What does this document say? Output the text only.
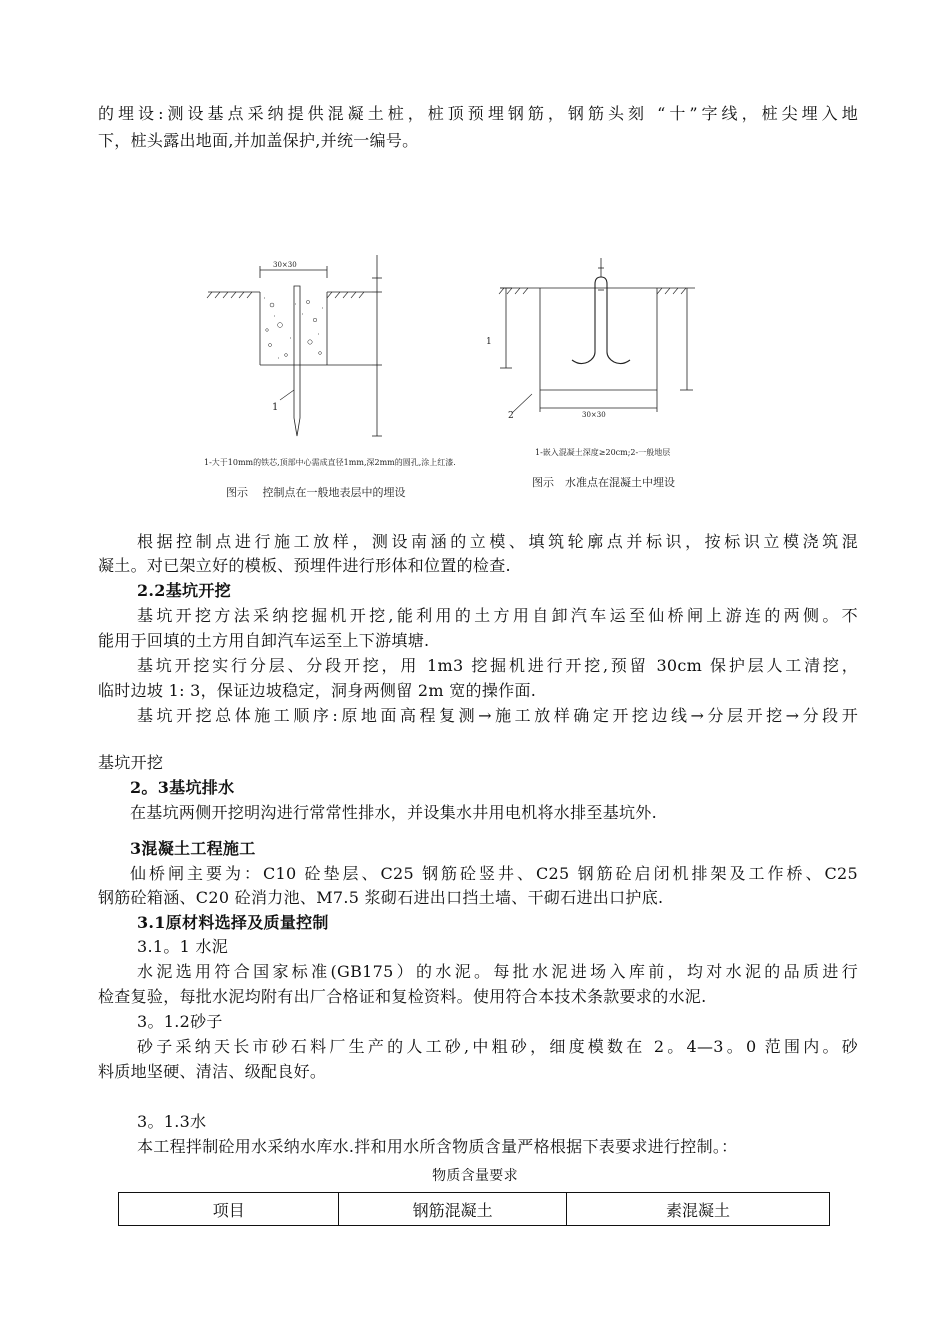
的埋设:测设基点采纳提供混凝土桩，桩顶预埋钢筋，钢筋头刻 “十”字线，桩尖埋入地
下，桩头露出地面,并加盖保护,并统一编号。
30×30
1
1-大于10mm的铁芯,顶部中心需成直径1mm,深2mm的圆孔,涂上红漆.
图示　 控制点在一般地表层中的埋设
1
2	30×30
1-嵌入混凝土深度≥20cm;2-一般地层
图示　水准点在混凝土中埋设
根据控制点进行施工放样，测设南涵的立模、填筑轮廓点并标识，按标识立模浇筑混
凝土。对已架立好的模板、预埋件进行形体和位置的检查.
2.2基坑开挖
基坑开挖方法采纳挖掘机开挖,能利用的土方用自卸汽车运至仙桥闸上游连的两侧。不
能用于回填的土方用自卸汽车运至上下游填塘.
基坑开挖实行分层、分段开挖，用 1m3 挖掘机进行开挖,预留 30cm 保护层人工清挖，
临时边坡 1: 3，保证边坡稳定，洞身两侧留 2m 宽的操作面.
基坑开挖总体施工顺序:原地面高程复测→施工放样确定开挖边线→分层开挖→分段开
基坑开挖
2。3基坑排水
在基坑两侧开挖明沟进行常常性排水，并设集水井用电机将水排至基坑外.
3混凝土工程施工
仙桥闸主要为：C10 砼垫层、C25 钢筋砼竖井、C25 钢筋砼启闭机排架及工作桥、C25
钢筋砼箱涵、C20 砼消力池、M7.5 浆砌石进出口挡土墙、干砌石进出口护底.
3.1原材料选择及质量控制
3.1。1 水泥
水泥选用符合国家标准(GB175）的水泥。每批水泥进场入库前，均对水泥的品质进行
检查复验，每批水泥均附有出厂合格证和复检资料。使用符合本技术条款要求的水泥.
3。1.2砂子
砂子采纳天长市砂石料厂生产的人工砂,中粗砂，细度模数在 2。4—3。0 范围内。砂
料质地坚硬、清洁、级配良好。
3。1.3水
本工程拌制砼用水采纳水库水.拌和用水所含物质含量严格根据下表要求进行控制。：
物质含量要求
项目	钢筋混凝土	素混凝土
